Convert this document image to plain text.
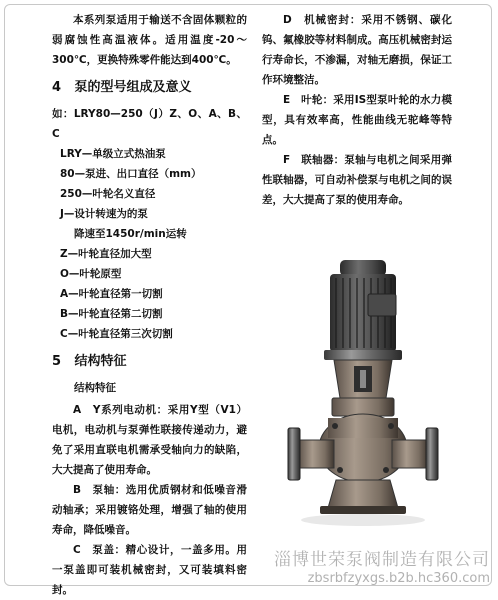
本系列泵适用于输送不含固体颗粒的弱腐蚀性高温液体。适用温度-20～300℃，更换特殊零件能达到400℃。

4 泵的型号组成及意义

如：LRY80—250（J）Z、O、A、B、C

LRY—单级立式热油泵

80—泵进、出口直径（mm）

250—叶轮名义直径

J—设计转速为的泵

降速至1450r/min运转

Z—叶轮直径加大型

O—叶轮原型

A—叶轮直径第一切割

B—叶轮直径第二切割

C—叶轮直径第三次切割

5 结构特征

结构特征

A　Y系列电动机：采用Y型（V1）电机，电动机与泵弹性联接传递动力，避免了采用直联电机需承受轴向力的缺陷，大大提高了使用寿命。

B　泵轴：选用优质钢材和低噪音滑动轴承；采用镀铬处理，增强了轴的使用寿命，降低噪音。

C　泵盖：精心设计，一盖多用。用一泵盖即可装机械密封，又可装填料密封。

D　机械密封：采用不锈钢、碳化钨、氟橡胶等材料制成。高压机械密封运行寿命长，不渗漏，对轴无磨损，保证工作环境整洁。

E　叶轮：采用IS型泵叶轮的水力模型，具有效率高，性能曲线无驼峰等特点。

F　联轴器：泵轴与电机之间采用弹性联轴器，可自动补偿泵与电机之间的误差，大大提高了泵的使用寿命。

淄博世荣泵阀制造有限公司
zbsrbfzyxgs.b2b.hc360.com
